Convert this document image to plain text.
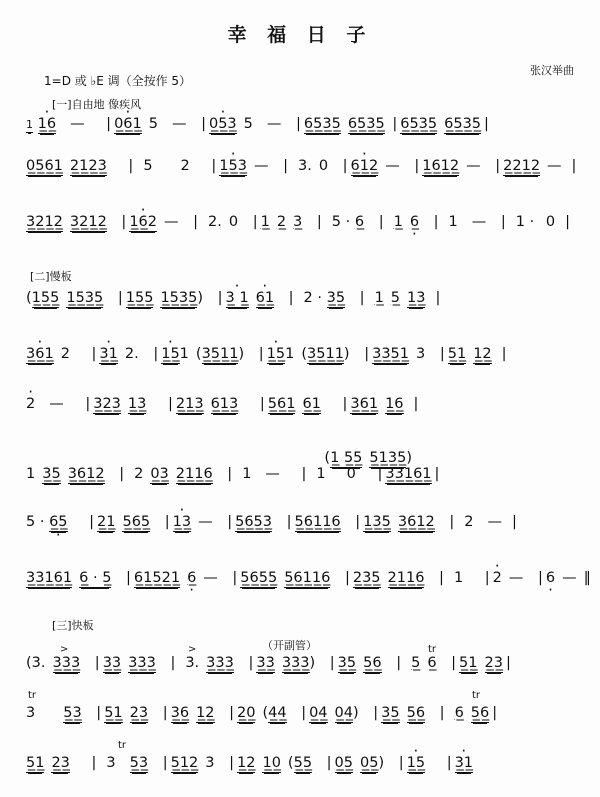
幸 福 日 子
张汉举曲
1=D 或 ♭E 调（全按作 5）
[一]自由地 像疾风
[二]慢板
[三]快板
（开副管）
1 · 1̲6̲ — | · 0̲6̲1̲ 5 — | · 0̲5̲3̲ 5 — | 6̲5̲3̲5̲ 6̲5̲3̲5̲ | 6̲5̲3̲5̲ 6̲5̲3̲5̲ |
0̲5̲6̲1̲ 2̲1̲2̲3̲ | 5 2 | · 1̲5̲3̲ — | 3. 0 | · 6̲1̲2̲ — | 1̲6̲1̲2̲ — | 2̲2̲1̲2̲ — |
3̲2̲1̲2̲ 3̲2̲1̲2̲ | · 1̲6̲2 — | 2. 0 | 1̲ 2̲ 3̲ | 5 · 6̲ | 1̲ 6̲ · | 1 — | 1 · 0 |
(1̲5̲5̲ 1̲5̲3̲5̲ | 1̲5̲5̲ 1̲5̲3̲5̲) | · 3̲ 1̲ · 6̲1̲ | 2 · 3̲5̲ | 1̲ 5̲ 1̲3̲ |
· 3̲6̲1̲ 2 | · 3̲1̲ 2. | · 1̲5̲1 (3̲5̲1̲1̲) | · 1̲5̲1 (3̲5̲1̲1̲) | 3̲3̲5̲1̲ 3 | 5̲1̲ 1̲2̲ |
· 2 — | 3̲2̲3̲ 1̲3̲ | 2̲1̲3̲ 6̲1̲3̲ | 5̲6̲1̲ 6̲1̲ | 3̲6̲1̲ 1̲6̲ |
(1̲ 5̲5̲ 5̲1̲3̲5̲)
1 3̲5̲ 3̲6̲1̲2̲ | 2 0̲3̲ 2̲1̲1̲6̲ | 1 — | 1 0 | 3̲3̲1̲6̲1̲ |
5 · 6̲5̲ · | 2̲1̲ 5̲6̲5̲ | · 1̲3̲ — | 5̲6̲5̲3̲ | 5̲6̲1̲1̲6̲ | 1̲3̲5̲ 3̲6̲1̲2̲ | 2 — |
3̲3̲1̲6̲1̲ 6̲ · 5̲ | 6̲1̲5̲2̲1̲ 6̲ · — | 5̲6̲5̲5̲ 5̲6̲1̲1̲6̲ | 2̲3̲5̲ 2̲1̲1̲6̲ | 1 | · 2 — | 6 · — ‖
(3. 3̲3̲3̲ | 3̲3̲ 3̲3̲3̲ | 3. 3̲3̲3̲ | 3̲3̲ 3̲3̲3̲) | 3̲5̲ 5̲6̲ | 5̲ 6̲ | 5̲1̲ 2̲3̲ |
3 5̲3̲ | 5̲1̲ 2̲3̲ | 3̲6̲ 1̲2̲ | 2̲0̲ (4̲4̲ | 0̲4̲ 0̲4̲) | 3̲5̲ 5̲6̲ | 6̲ 5̲6̲ |
5̲1̲ 2̲3̲ | 3 5̲3̲ | 5̲1̲2̲ 3 | 1̲2̲ 1̲0̲ (5̲5̲ | 0̲5̲ 0̲5̲) | · 1̲5̲ | · 3̲1̲
tr
tr
tr
tr
>	>
